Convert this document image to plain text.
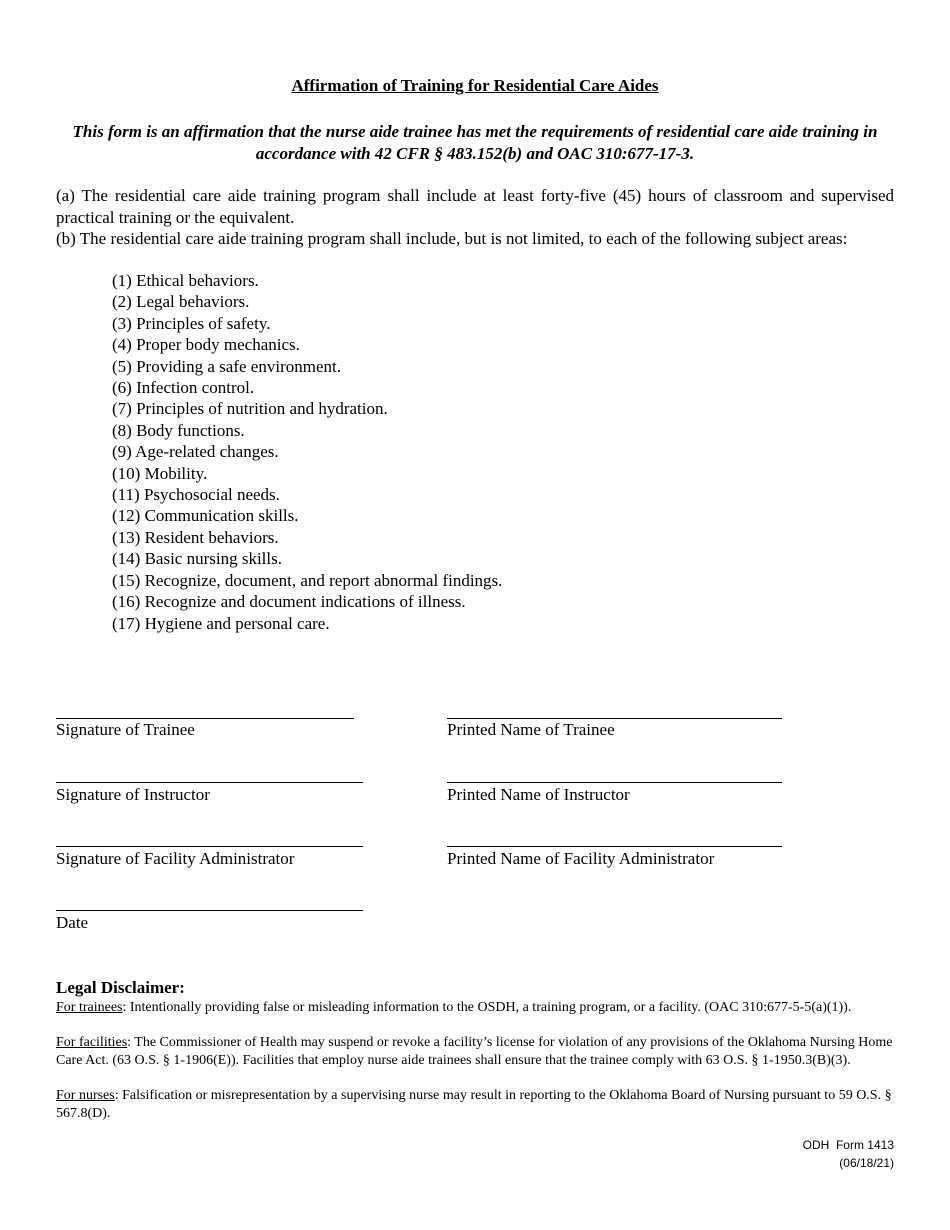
Affirmation of Training for Residential Care Aides
This form is an affirmation that the nurse aide trainee has met the requirements of residential care aide training in accordance with 42 CFR § 483.152(b) and OAC 310:677-17-3.
(a) The residential care aide training program shall include at least forty-five (45) hours of classroom and supervised practical training or the equivalent.
(b) The residential care aide training program shall include, but is not limited, to each of the following subject areas:
(1) Ethical behaviors.
(2) Legal behaviors.
(3) Principles of safety.
(4) Proper body mechanics.
(5) Providing a safe environment.
(6) Infection control.
(7) Principles of nutrition and hydration.
(8) Body functions.
(9) Age-related changes.
(10) Mobility.
(11) Psychosocial needs.
(12) Communication skills.
(13) Resident behaviors.
(14) Basic nursing skills.
(15) Recognize, document, and report abnormal findings.
(16) Recognize and document indications of illness.
(17) Hygiene and personal care.
Signature of Trainee	Printed Name of Trainee
Signature of Instructor	Printed Name of Instructor
Signature of Facility Administrator	Printed Name of Facility Administrator
Date
Legal Disclaimer:
For trainees: Intentionally providing false or misleading information to the OSDH, a training program, or a facility. (OAC 310:677-5-5(a)(1)).
For facilities: The Commissioner of Health may suspend or revoke a facility’s license for violation of any provisions of the Oklahoma Nursing Home Care Act. (63 O.S. § 1-1906(E)). Facilities that employ nurse aide trainees shall ensure that the trainee comply with 63 O.S. § 1-1950.3(B)(3).
For nurses: Falsification or misrepresentation by a supervising nurse may result in reporting to the Oklahoma Board of Nursing pursuant to 59 O.S. § 567.8(D).
ODH  Form 1413
(06/18/21)
